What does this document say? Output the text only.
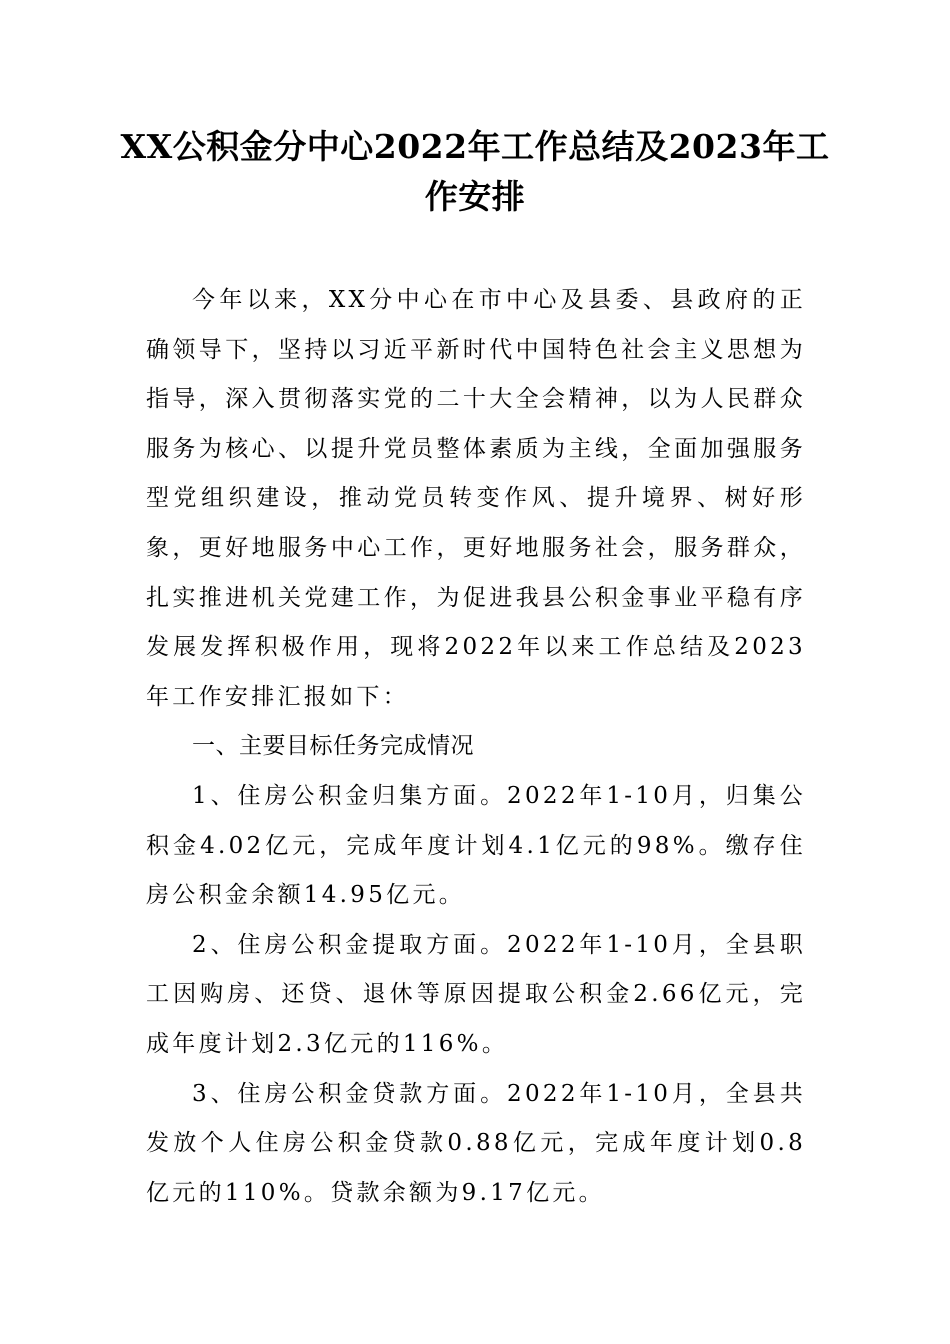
XX公积金分中心2022年工作总结及2023年工作安排

今年以来，XX分中心在市中心及县委、县政府的正确领导下，坚持以习近平新时代中国特色社会主义思想为指导，深入贯彻落实党的二十大全会精神，以为人民群众服务为核心、以提升党员整体素质为主线，全面加强服务型党组织建设，推动党员转变作风、提升境界、树好形象，更好地服务中心工作，更好地服务社会，服务群众，扎实推进机关党建工作，为促进我县公积金事业平稳有序发展发挥积极作用，现将2022年以来工作总结及2023年工作安排汇报如下：

一、主要目标任务完成情况

1、住房公积金归集方面。2022年1-10月，归集公积金4.02亿元，完成年度计划4.1亿元的98%。缴存住房公积金余额14.95亿元。

2、住房公积金提取方面。2022年1-10月，全县职工因购房、还贷、退休等原因提取公积金2.66亿元，完成年度计划2.3亿元的116%。

3、住房公积金贷款方面。2022年1-10月，全县共发放个人住房公积金贷款0.88亿元，完成年度计划0.8亿元的110%。贷款余额为9.17亿元。
